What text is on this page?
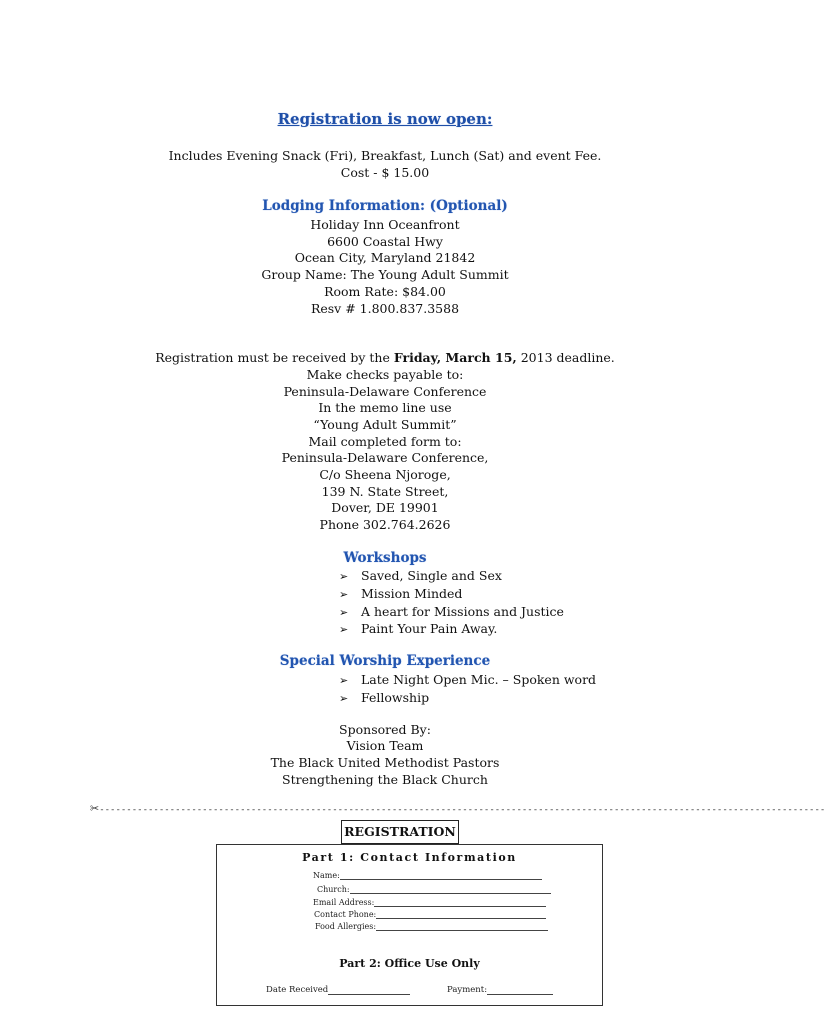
Registration is now open:
Includes Evening Snack (Fri), Breakfast, Lunch (Sat) and event Fee.
Cost - $ 15.00
Lodging Information: (Optional)
Holiday Inn Oceanfront
6600 Coastal Hwy
Ocean City, Maryland 21842
Group Name: The Young Adult Summit
Room Rate: $84.00
Resv # 1.800.837.3588
Registration must be received by the Friday, March 15, 2013 deadline.
Make checks payable to:
Peninsula-Delaware Conference
In the memo line use
“Young Adult Summit”
Mail completed form to:
Peninsula-Delaware Conference,
C/o Sheena Njoroge,
139 N. State Street,
Dover, DE 19901
Phone 302.764.2626
Workshops
➢ Saved, Single and Sex
➢ Mission Minded
➢ A heart for Missions and Justice
➢ Paint Your Pain Away.
Special Worship Experience
➢ Late Night Open Mic. – Spoken word
➢ Fellowship
Sponsored By:
Vision Team
The Black United Methodist Pastors
Strengthening the Black Church
✂--------------------------------------------------------------------------------------------------------------------------------------
REGISTRATION
Part 1: Contact Information
Name:
Church:
Email Address:
Contact Phone:
Food Allergies:
Part 2: Office Use Only
Date Received	Payment:
